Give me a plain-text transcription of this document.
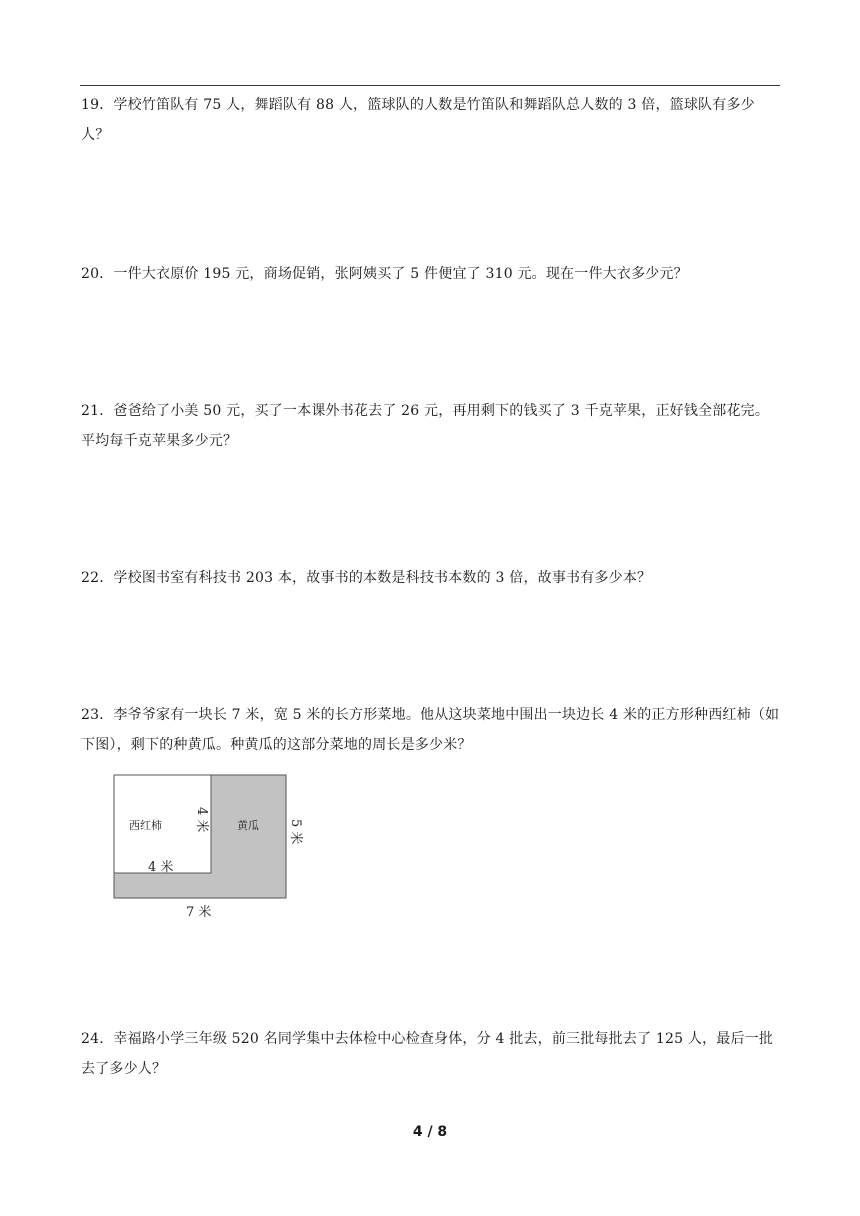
19．学校竹笛队有 75 人，舞蹈队有 88 人，篮球队的人数是竹笛队和舞蹈队总人数的 3 倍，篮球队有多少人？
20．一件大衣原价 195 元，商场促销，张阿姨买了 5 件便宜了 310 元。现在一件大衣多少元？
21．爸爸给了小美 50 元，买了一本课外书花去了 26 元，再用剩下的钱买了 3 千克苹果，正好钱全部花完。平均每千克苹果多少元？
22．学校图书室有科技书 203 本，故事书的本数是科技书本数的 3 倍，故事书有多少本？
23．李爷爷家有一块长 7 米，宽 5 米的长方形菜地。他从这块菜地中围出一块边长 4 米的正方形种西红柿（如下图），剩下的种黄瓜。种黄瓜的这部分菜地的周长是多少米？
西红柿	黄瓜
4 米	5 米
4 米
7 米
24．幸福路小学三年级 520 名同学集中去体检中心检查身体，分 4 批去，前三批每批去了 125 人，最后一批去了多少人？
4 / 8
